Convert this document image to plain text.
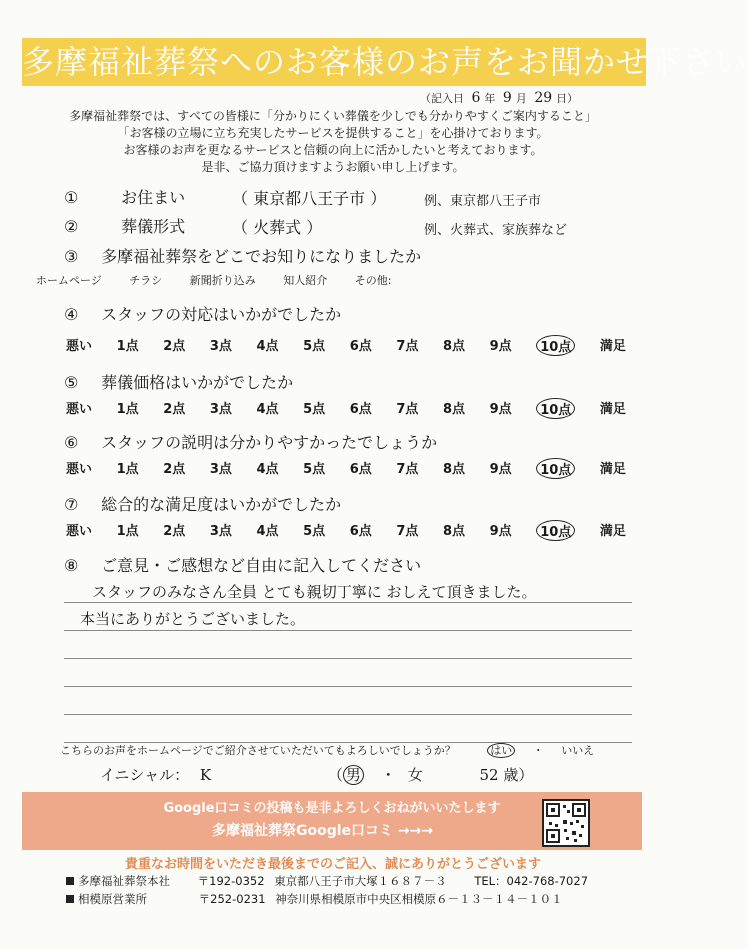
多摩福祉葬祭へのお客様のお声をお聞かせ下さい
（記入日 6 年 9 月 29 日）
多摩福祉葬祭では、すべての皆様に「分かりにくい葬儀を少しでも分かりやすくご案内すること」
「お客様の立場に立ち充実したサービスを提供すること」を心掛けております。
お客様のお声を更なるサービスと信頼の向上に活かしたいと考えております。
是非、ご協力頂けますようお願い申し上げます。
①	お住まい	（ 東京都八王子市 ）	例、東京都八王子市
②	葬儀形式	（ 火葬式 ）	例、火葬式、家族葬など
③ 多摩福祉葬祭をどこでお知りになりましたか
ホームページ	チラシ	新聞折り込み	知人紹介	その他:
④ スタッフの対応はいかがでしたか
悪い 1点 2点 3点 4点 5点 6点 7点 8点 9点	10点	満足
⑤ 葬儀価格はいかがでしたか
悪い 1点 2点 3点 4点 5点 6点 7点 8点 9点	10点	満足
⑥ スタッフの説明は分かりやすかったでしょうか
悪い 1点 2点 3点 4点 5点 6点 7点 8点 9点	10点	満足
⑦ 総合的な満足度はいかがでしたか
悪い 1点 2点 3点 4点 5点 6点 7点 8点 9点	10点	満足
⑧ ご意見・ご感想など自由に記入してください
スタッフのみなさん全員 とても親切丁寧に おしえて頂きました。
本当にありがとうございました。
こちらのお声をホームページでご紹介させていただいてもよろしいでしょうか？	はい ・ いいえ
イニシャル： K	（ 男 ・ 女	52 歳）
Google口コミの投稿も是非よろしくおねがいいたします
多摩福祉葬祭Google口コミ →→→
貴重なお時間をいただき最後までのご記入、誠にありがとうございます
多摩福祉葬祭本社 〒192-0352 東京都八王子市大塚１６８７－３ TEL：042-768-7027
相模原営業所	〒252-0231 神奈川県相模原市中央区相模原６－１３－１４－１０１
